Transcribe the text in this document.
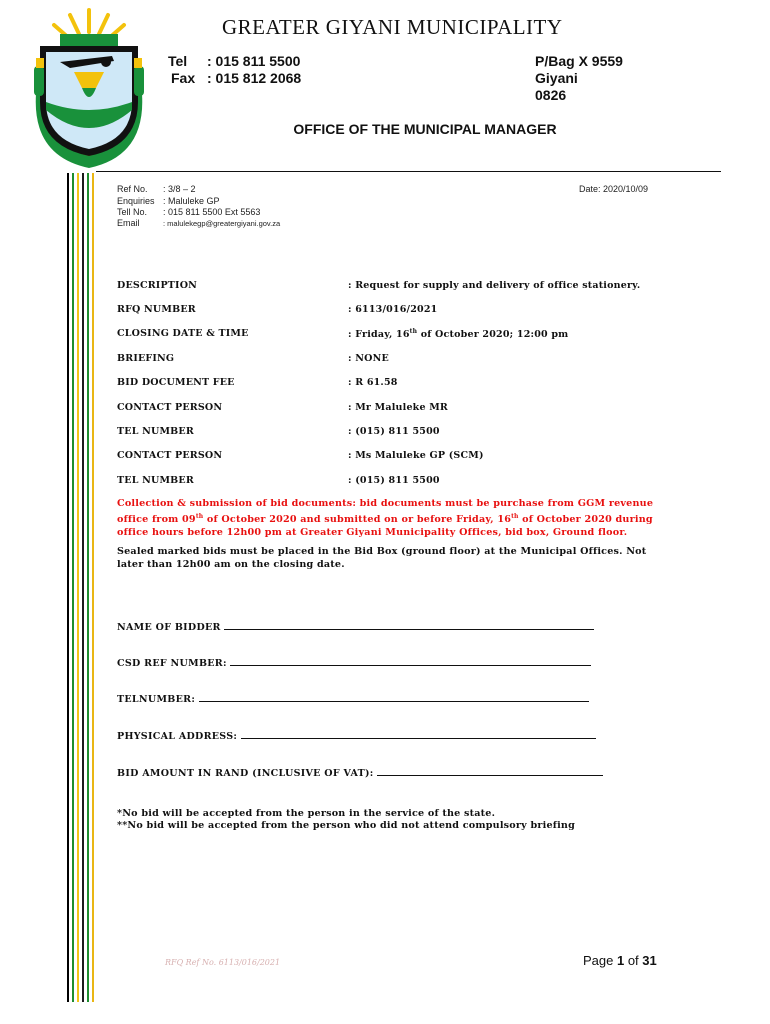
GREATER GIYANI MUNICIPALITY
Tel : 015 811 5500
Fax : 015 812 2068
P/Bag X 9559
Giyani
0826
OFFICE OF THE MUNICIPAL MANAGER
Ref No. : 3/8 – 2
Enquiries : Maluleke GP
Tell No. : 015 811 5500 Ext 5563
Email	: malulekegp@greatergiyani.gov.za
Date: 2020/10/09
DESCRIPTION	: Request for supply and delivery of office stationery.
RFQ NUMBER	: 6113/016/2021
CLOSING DATE & TIME	: Friday, 16th of October 2020; 12:00 pm
BRIEFING	: NONE
BID DOCUMENT FEE	: R 61.58
CONTACT PERSON	: Mr Maluleke MR
TEL NUMBER	: (015) 811 5500
CONTACT PERSON	: Ms Maluleke GP (SCM)
TEL NUMBER	: (015) 811 5500
Collection & submission of bid documents: bid documents must be purchase from GGM revenue office from 09th of October 2020 and submitted on or before Friday, 16th of October 2020 during office hours before 12h00 pm at Greater Giyani Municipality Offices, bid box, Ground floor.
Sealed marked bids must be placed in the Bid Box (ground floor) at the Municipal Offices. Not later than 12h00 am on the closing date.
NAME OF BIDDER
CSD REF NUMBER:
TELNUMBER:
PHYSICAL ADDRESS:
BID AMOUNT IN RAND (INCLUSIVE OF VAT):
*No bid will be accepted from the person in the service of the state.
**No bid will be accepted from the person who did not attend compulsory briefing
RFQ Ref No. 6113/016/2021	Page 1 of 31
